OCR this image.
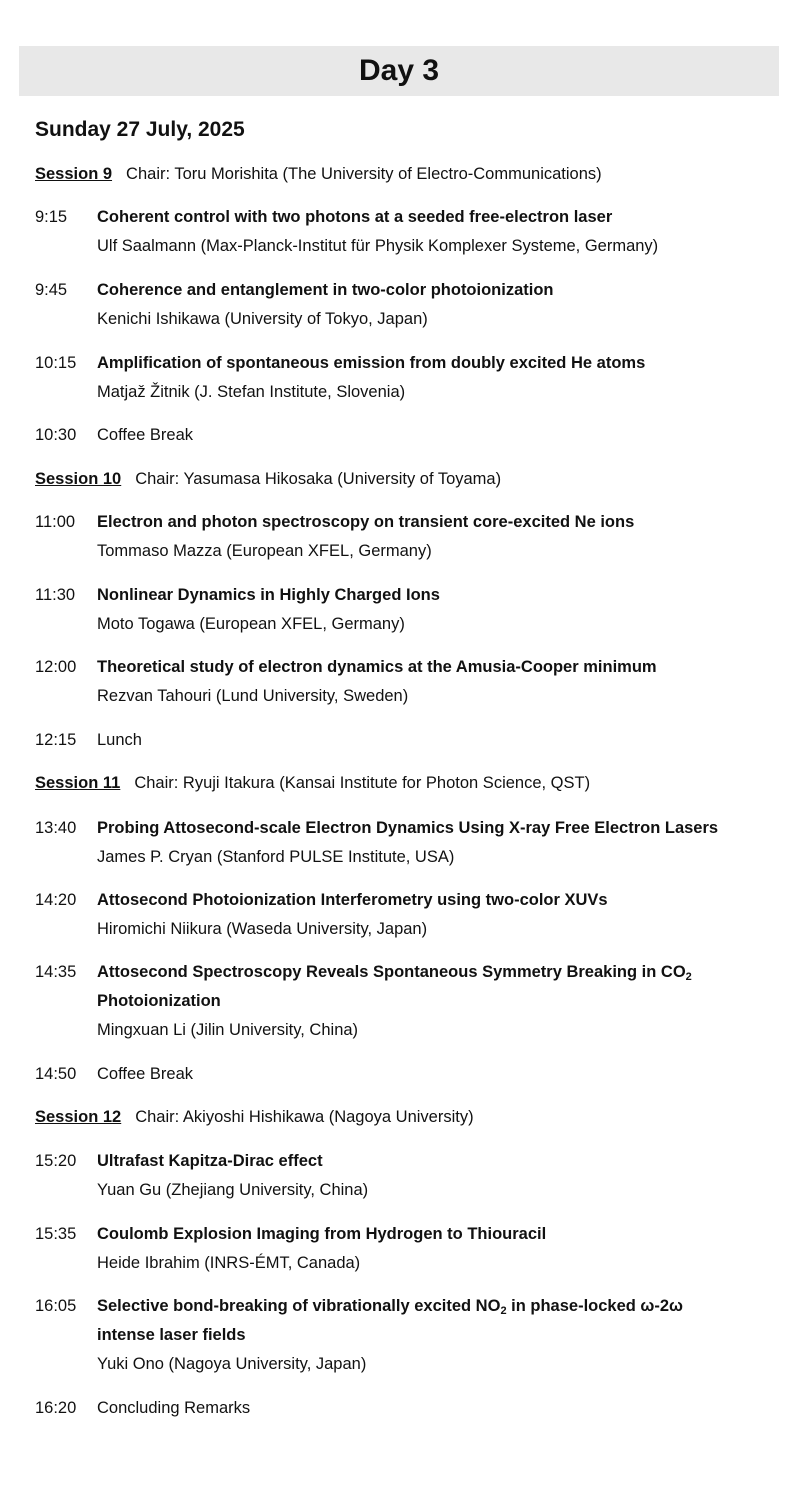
Day 3
Sunday 27 July, 2025
Session 9 Chair: Toru Morishita (The University of Electro-Communications)
9:15 Coherent control with two photons at a seeded free-electron laser
Ulf Saalmann (Max-Planck-Institut für Physik Komplexer Systeme, Germany)
9:45 Coherence and entanglement in two-color photoionization
Kenichi Ishikawa (University of Tokyo, Japan)
10:15 Amplification of spontaneous emission from doubly excited He atoms
Matjaž Žitnik (J. Stefan Institute, Slovenia)
10:30 Coffee Break
Session 10 Chair: Yasumasa Hikosaka (University of Toyama)
11:00 Electron and photon spectroscopy on transient core-excited Ne ions
Tommaso Mazza (European XFEL, Germany)
11:30 Nonlinear Dynamics in Highly Charged Ions
Moto Togawa (European XFEL, Germany)
12:00 Theoretical study of electron dynamics at the Amusia-Cooper minimum
Rezvan Tahouri (Lund University, Sweden)
12:15 Lunch
Session 11 Chair: Ryuji Itakura (Kansai Institute for Photon Science, QST)
13:40 Probing Attosecond-scale Electron Dynamics Using X-ray Free Electron Lasers
James P. Cryan (Stanford PULSE Institute, USA)
14:20 Attosecond Photoionization Interferometry using two-color XUVs
Hiromichi Niikura (Waseda University, Japan)
14:35 Attosecond Spectroscopy Reveals Spontaneous Symmetry Breaking in $CO_2$
Photoionization
Mingxuan Li (Jilin University, China)
14:50 Coffee Break
Session 12 Chair: Akiyoshi Hishikawa (Nagoya University)
15:20 Ultrafast Kapitza-Dirac effect
Yuan Gu (Zhejiang University, China)
15:35 Coulomb Explosion Imaging from Hydrogen to Thiouracil
Heide Ibrahim (INRS-ÉMT, Canada)
16:05 Selective bond-breaking of vibrationally excited $NO_2$ in phase-locked ω-2ω
intense laser fields
Yuki Ono (Nagoya University, Japan)
16:20 Concluding Remarks
